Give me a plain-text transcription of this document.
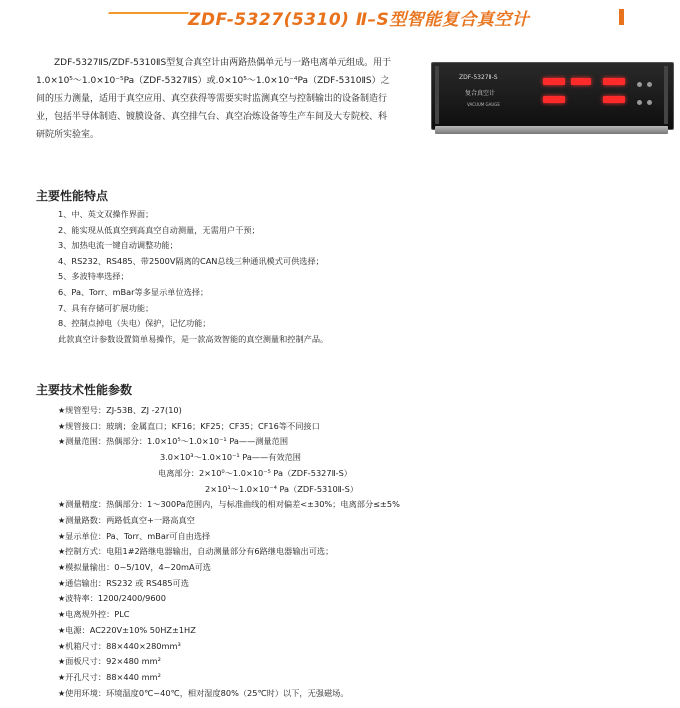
ZDF-5327(5310) Ⅱ–S型智能复合真空计

ZDF-5327ⅡS/ZDF-5310ⅡS型复合真空计由两路热偶单元与一路电离单元组成。用于1.0×10⁵～1.0×10⁻⁵Pa（ZDF-5327ⅡS）或.0×10⁵～1.0×10⁻⁴Pa（ZDF-5310ⅡS）之间的压力测量，适用于真空应用、真空获得等需要实时监测真空与控制输出的设备制造行业，包括半导体制造、镀膜设备、真空排气台、真空冶炼设备等生产车间及大专院校、科研院所实验室。

ZDF-5327Ⅱ-S
复合真空计
VACUUM GAUGE
主要性能特点
1、中、英文双操作界面；
2、能实现从低真空到高真空自动测量，无需用户干预；
3、加热电流一键自动调整功能；
4、RS232、RS485、带2500V隔离的CAN总线三种通讯模式可供选择；
5、多波特率选择；
6、Pa、Torr、mBar等多显示单位选择；
7、具有存储可扩展功能；
8、控制点掉电（失电）保护，记忆功能；
此款真空计参数设置简单易操作，是一款高效智能的真空测量和控制产品。
主要技术性能参数
★规管型号：ZJ-53B、ZJ -27(10)
★规管接口：玻璃；金属直口；KF16；KF25；CF35；CF16等不同接口
★测量范围：热偶部分：1.0×10⁵～1.0×10⁻¹ Pa——测量范围
3.0×10³～1.0×10⁻¹ Pa——有效范围
电离部分：2×10⁰～1.0×10⁻⁵ Pa（ZDF-5327Ⅱ-S）
2×10¹～1.0×10⁻⁴ Pa（ZDF-5310Ⅱ-S）
★测量精度：热偶部分：1～300Pa范围内，与标准曲线的相对偏差<±30%；电离部分≤±5%
★测量路数：两路低真空+一路高真空
★显示单位：Pa、Torr、mBar可自由选择
★控制方式：电阻1#2路继电器输出，自动测量部分有6路继电器输出可选；
★模拟量输出：0~5/10V，4~20mA可选
★通信输出：RS232 或 RS485可选
★波特率：1200/2400/9600
★电离规外控：PLC
★电源：AC220V±10% 50HZ±1HZ
★机箱尺寸：88×440×280mm³
★面板尺寸：92×480 mm²
★开孔尺寸：88×440 mm²
★使用环境：环境温度0℃~40℃，相对湿度80%（25℃时）以下，无强磁场。
